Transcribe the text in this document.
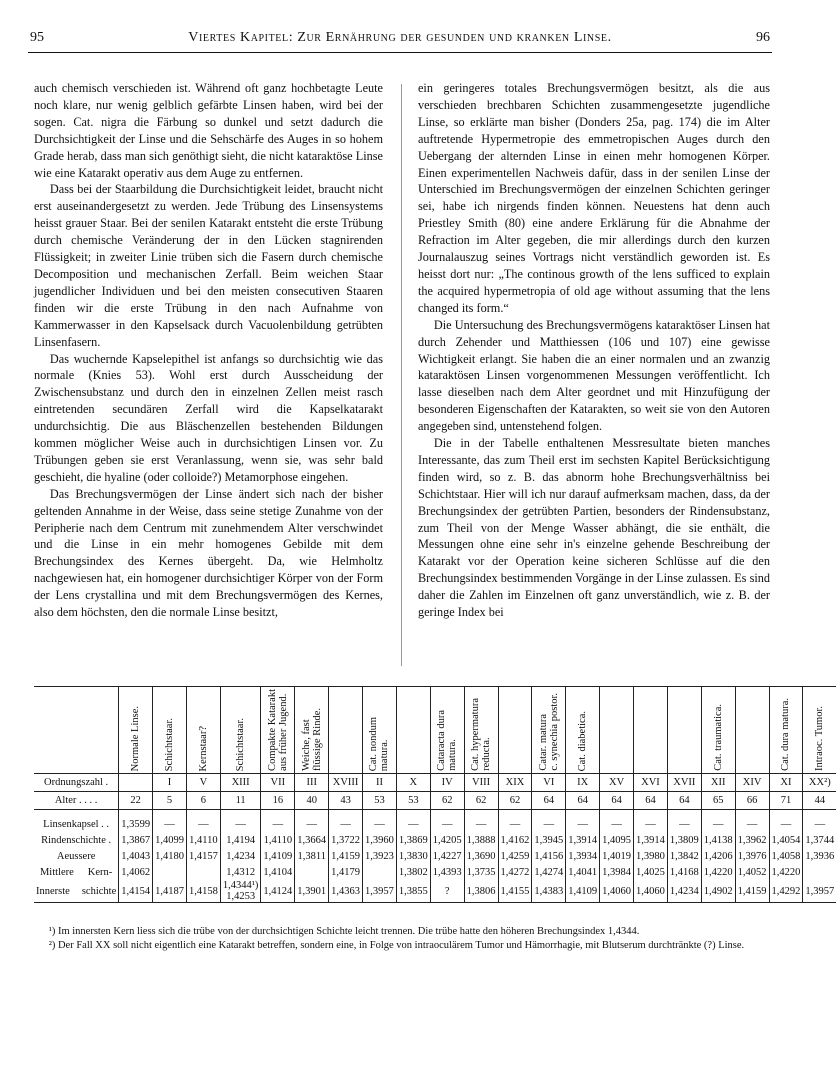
95	Viertes Kapitel: Zur Ernährung der gesunden und kranken Linse.	96

auch chemisch verschieden ist. Während oft ganz hochbetagte Leute noch klare, nur wenig gelblich gefärbte Linsen haben, wird bei der sogen. Cat. nigra die Färbung so dunkel und setzt dadurch die Durchsichtigkeit der Linse und die Sehschärfe des Auges in so hohem Grade herab, dass man sich genöthigt sieht, die nicht kataraktöse Linse wie eine Katarakt operativ aus dem Auge zu entfernen.

Dass bei der Staarbildung die Durchsichtigkeit leidet, braucht nicht erst auseinandergesetzt zu werden. Jede Trübung des Linsensystems heisst grauer Staar. Bei der senilen Katarakt entsteht die erste Trübung durch chemische Veränderung der in den Lücken stagnirenden Flüssigkeit; in zweiter Linie trüben sich die Fasern durch chemische Decomposition und mechanischen Zerfall. Beim weichen Staar jugendlicher Individuen und bei den meisten consecutiven Staaren finden wir die erste Trübung in den nach Aufnahme von Kammerwasser in den Kapselsack durch Vacuolenbildung getrübten Linsenfasern.

Das wuchernde Kapselepithel ist anfangs so durchsichtig wie das normale (Knies 53). Wohl erst durch Ausscheidung der Zwischensubstanz und durch den in einzelnen Zellen meist rasch eintretenden secundären Zerfall wird die Kapselkatarakt undurchsichtig. Die aus Bläschenzellen bestehenden Bildungen kommen möglicher Weise auch in durchsichtigen Linsen vor. Zu Trübungen geben sie erst Veranlassung, wenn sie, was sehr bald geschieht, die hyaline (oder colloide?) Metamorphose eingehen.

Das Brechungsvermögen der Linse ändert sich nach der bisher geltenden Annahme in der Weise, dass seine stetige Zunahme von der Peripherie nach dem Centrum mit zunehmendem Alter verschwindet und die Linse in ein mehr homogenes Gebilde mit dem Brechungsindex des Kernes übergeht. Da, wie Helmholtz nachgewiesen hat, ein homogener durchsichtiger Körper von der Form der Lens crystallina und mit dem Brechungsvermögen des Kernes, also dem höchsten, den die normale Linse besitzt,

ein geringeres totales Brechungsvermögen besitzt, als die aus verschieden brechbaren Schichten zusammengesetzte jugendliche Linse, so erklärte man bisher (Donders 25a, pag. 174) die im Alter auftretende Hypermetropie des emmetropischen Auges durch den Uebergang der alternden Linse in einen mehr homogenen Körper. Einen experimentellen Nachweis dafür, dass in der senilen Linse der Unterschied im Brechungsvermögen der einzelnen Schichten geringer sei, habe ich nirgends finden können. Neuestens hat denn auch Priestley Smith (80) eine andere Erklärung für die Abnahme der Refraction im Alter gegeben, die mir allerdings durch den kurzen Journalauszug seines Vortrags nicht verständlich geworden ist. Es heisst dort nur: „The continous growth of the lens sufficed to explain the acquired hypermetropia of old age without assuming that the lens changed its form.“

Die Untersuchung des Brechungsvermögens kataraktöser Linsen hat durch Zehender und Matthiessen (106 und 107) eine gewisse Wichtigkeit erlangt. Sie haben die an einer normalen und an zwanzig kataraktösen Linsen vorgenommenen Messungen veröffentlicht. Ich lasse dieselben nach dem Alter geordnet und mit Hinzufügung der besonderen Eigenschaften der Katarakten, so weit sie von den Autoren angegeben sind, untenstehend folgen.

Die in der Tabelle enthaltenen Messresultate bieten manches Interessante, das zum Theil erst im sechsten Kapitel Berücksichtigung finden wird, so z. B. das abnorm hohe Brechungsverhältniss bei Schichtstaar. Hier will ich nur darauf aufmerksam machen, dass, da der Brechungsindex der getrübten Partien, besonders der Rindensubstanz, zum Theil von der Menge Wasser abhängt, die sie enthält, die Messungen ohne eine sehr in's einzelne gehende Beschreibung der Katarakt vor der Operation keine sicheren Schlüsse auf die den Brechungsindex bestimmenden Vorgänge in der Linse zulassen. Es sind daher die Zahlen im Einzelnen oft ganz unverständlich, wie z. B. der geringe Index bei

	Normale Linse.	Schichtstaar.	Kernstaar?	Schichtstaar.	Compakte Katarakt
aus früher Jugend.	Weiche, fast
flüssige Rinde.		Cat. nondum
matura.		Cataracta dura
matura.	Cat. hypermatura
reducta.		Catar. matura
c. synechia postor.	Cat. diabetica.				Cat. traumatica.		Cat. dura matura.	Intraoc. Tumor.

Ordnungszahl .		I	V	XIII	VII	III	XVIII	II	X	IV	VIII	XIX	VI	IX	XV	XVI	XVII	XII	XIV	XI	XX²)
Alter . . . .	22	5	6	11	16	40	43	53	53	62	62	62	64	64	64	64	64	65	66	71	44
Linsenkapsel . .	1,3599	—	—	—	—	—	—	—	—	—	—	—	—	—	—	—	—	—	—	—	—
Rindenschichte .	1,3867	1,4099	1,4110	1,4194	1,4110	1,3664	1,3722	1,3960	1,3869	1,4205	1,3888	1,4162	1,3945	1,3914	1,4095	1,3914	1,3809	1,4138	1,3962	1,4054	1,3744
Aeussere	1,4043	1,4180	1,4157	1,4234	1,4109	1,3811	1,4159	1,3923	1,3830	1,4227	1,3690	1,4259	1,4156	1,3934	1,4019	1,3980	1,3842	1,4206	1,3976	1,4058	1,3936
Mittlere Kern-	1,4062			1,4312	1,4104		1,4179		1,3802	1,4393	1,3735	1,4272	1,4274	1,4041	1,3984	1,4025	1,4168	1,4220	1,4052	1,4220	
Innerste schichte	1,4154	1,4187	1,4158	1,4344¹) 1,4253	1,4124	1,3901	1,4363	1,3957	1,3855	?	1,3806	1,4155	1,4383	1,4109	1,4060	1,4060	1,4234	1,4902	1,4159	1,4292	1,3957

¹) Im innersten Kern liess sich die trübe von der durchsichtigen Schichte leicht trennen. Die trübe hatte den höheren Brechungsindex 1,4344.

²) Der Fall XX soll nicht eigentlich eine Katarakt betreffen, sondern eine, in Folge von intraoculärem Tumor und Hämorrhagie, mit Blutserum durchtränkte (?) Linse.
